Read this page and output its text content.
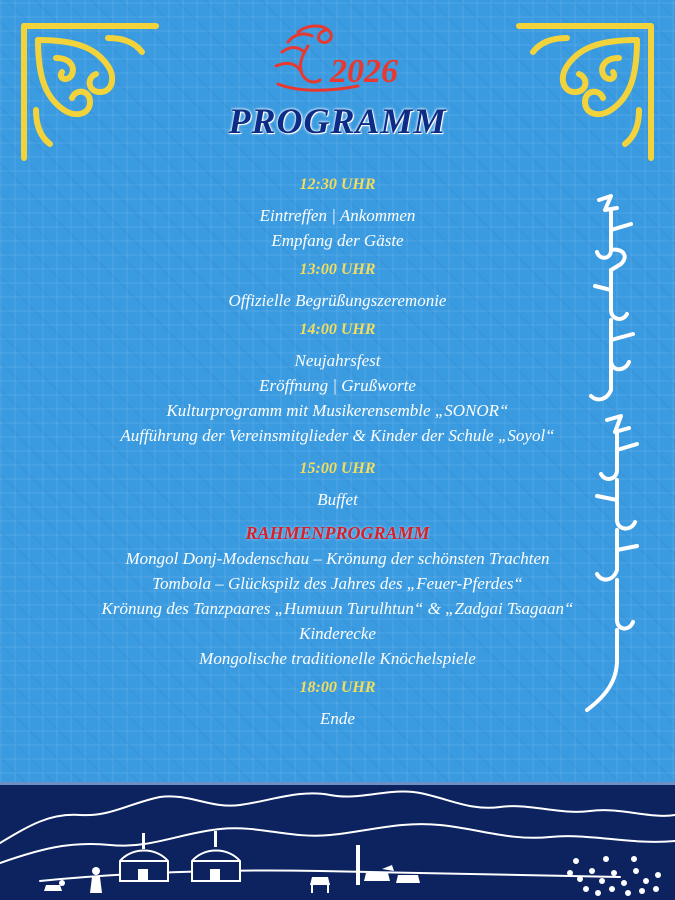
2026
PROGRAMM
12:30 UHR
Eintreffen | Ankommen
Empfang der Gäste
13:00 UHR
Offizielle Begrüßungszeremonie
14:00 UHR
Neujahrsfest
Eröffnung | Grußworte
Kulturprogramm mit Musikerensemble „SONOR“
Aufführung der Vereinsmitglieder & Kinder der Schule „Soyol“
15:00 UHR
Buffet
RAHMENPROGRAMM
Mongol Donj-Modenschau – Krönung der schönsten Trachten
Tombola – Glückspilz des Jahres des „Feuer-Pferdes“
Krönung des Tanzpaares „Humuun Turulhtun“ & „Zadgai Tsagaan“
Kinderecke
Mongolische traditionelle Knöchelspiele
18:00 UHR
Ende
